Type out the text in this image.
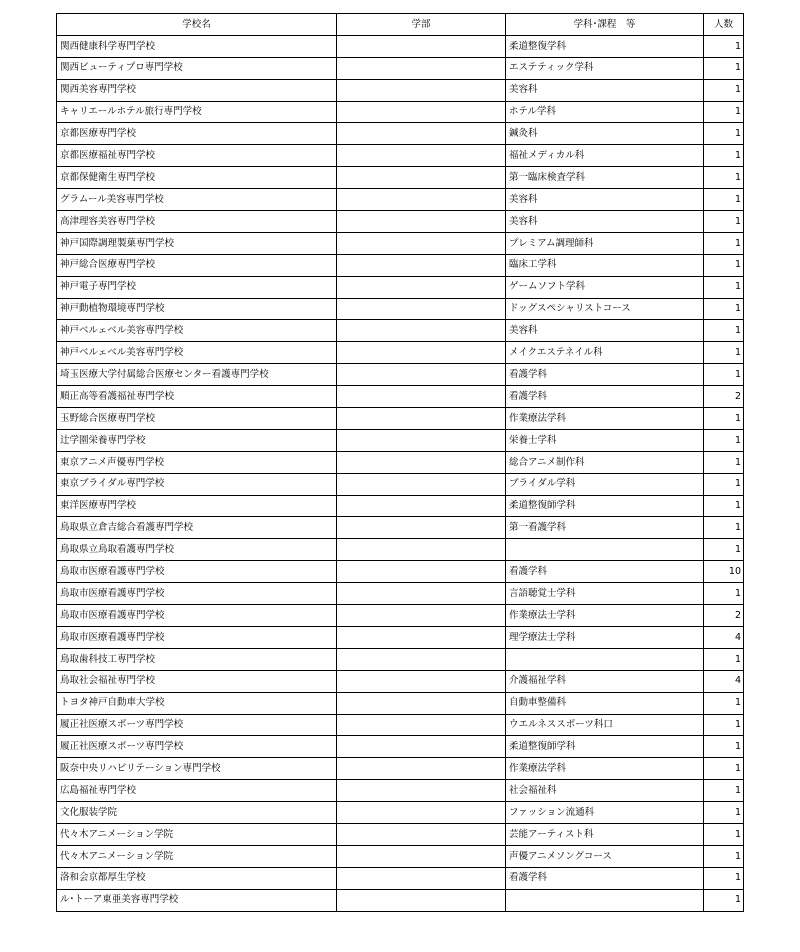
学校名	学部	学科･課程　等	人数
関西健康科学専門学校		柔道整復学科	1
関西ビューティプロ専門学校		エステティック学科	1
関西美容専門学校		美容科	1
キャリエールホテル旅行専門学校		ホテル学科	1
京都医療専門学校		鍼灸科	1
京都医療福祉専門学校		福祉メディカル科	1
京都保健衛生専門学校		第一臨床検査学科	1
グラムール美容専門学校		美容科	1
高津理容美容専門学校		美容科	1
神戸国際調理製菓専門学校		プレミアム調理師科	1
神戸総合医療専門学校		臨床工学科	1
神戸電子専門学校		ゲームソフト学科	1
神戸動植物環境専門学校		ドッグスペシャリストコース	1
神戸ベルェベル美容専門学校		美容科	1
神戸ベルェベル美容専門学校		メイクエステネイル科	1
埼玉医療大学付属総合医療センター看護専門学校		看護学科	1
順正高等看護福祉専門学校		看護学科	2
玉野総合医療専門学校		作業療法学科	1
辻学園栄養専門学校		栄養士学科	1
東京アニメ声優専門学校		総合アニメ制作科	1
東京ブライダル専門学校		ブライダル学科	1
東洋医療専門学校		柔道整復師学科	1
鳥取県立倉吉総合看護専門学校		第一看護学科	1
鳥取県立鳥取看護専門学校			1
鳥取市医療看護専門学校		看護学科	10
鳥取市医療看護専門学校		言語聴覚士学科	1
鳥取市医療看護専門学校		作業療法士学科	2
鳥取市医療看護専門学校		理学療法士学科	4
鳥取歯科技工専門学校			1
鳥取社会福祉専門学校		介護福祉学科	4
トヨタ神戸自動車大学校		自動車整備科	1
履正社医療スポーツ専門学校		ウエルネススポーツ科口	1
履正社医療スポーツ専門学校		柔道整復師学科	1
阪奈中央リハビリテーション専門学校		作業療法学科	1
広島福祉専門学校		社会福祉科	1
文化服装学院		ファッション流通科	1
代々木アニメーション学院		芸能アーティスト科	1
代々木アニメーション学院		声優アニメソングコース	1
洛和会京都厚生学校		看護学科	1
ル･トーア東亜美容専門学校			1
